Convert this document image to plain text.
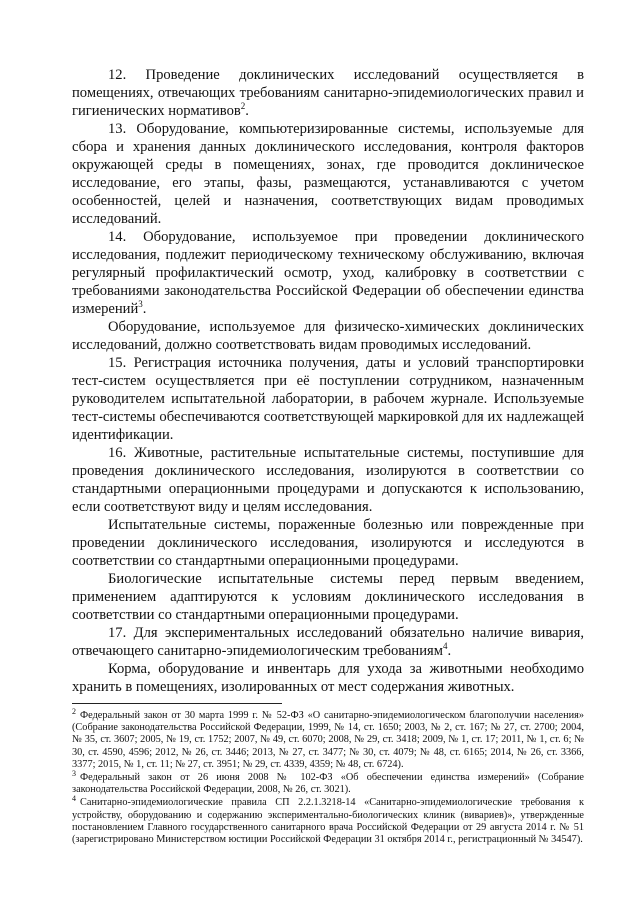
12. Проведение доклинических исследований осуществляется в помещениях, отвечающих требованиям санитарно-эпидемиологических правил и гигиенических нормативов$^2$.

13. Оборудование, компьютеризированные системы, используемые для сбора и хранения данных доклинического исследования, контроля факторов окружающей среды в помещениях, зонах, где проводится доклиническое исследование, его этапы, фазы, размещаются, устанавливаются с учетом особенностей, целей и назначения, соответствующих видам проводимых исследований.

14. Оборудование, используемое при проведении доклинического исследования, подлежит периодическому техническому обслуживанию, включая регулярный профилактический осмотр, уход, калибровку в соответствии с требованиями законодательства Российской Федерации об обеспечении единства измерений$^3$.

Оборудование, используемое для физическо-химических доклинических исследований, должно соответствовать видам проводимых исследований.

15. Регистрация источника получения, даты и условий транспортировки тест-систем осуществляется при её поступлении сотрудником, назначенным руководителем испытательной лаборатории, в рабочем журнале. Используемые тест-системы обеспечиваются соответствующей маркировкой для их надлежащей идентификации.

16. Животные, растительные испытательные системы, поступившие для проведения доклинического исследования, изолируются в соответствии со стандартными операционными процедурами и допускаются к использованию, если соответствуют виду и целям исследования.

Испытательные системы, пораженные болезнью или поврежденные при проведении доклинического исследования, изолируются и исследуются в соответствии со стандартными операционными процедурами.

Биологические испытательные системы перед первым введением, применением адаптируются к условиям доклинического исследования в соответствии со стандартными операционными процедурами.

17. Для экспериментальных исследований обязательно наличие вивария, отвечающего санитарно-эпидемиологическим требованиям$^4$.

Корма, оборудование и инвентарь для ухода за животными необходимо хранить в помещениях, изолированных от мест содержания животных.

$^2$ Федеральный закон от 30 марта 1999 г. № 52-ФЗ «О санитарно-эпидемиологическом благополучии населения» (Собрание законодательства Российской Федерации, 1999, № 14, ст. 1650; 2003, № 2, ст. 167; № 27, ст. 2700; 2004, № 35, ст. 3607; 2005, № 19, ст. 1752; 2007, № 49, ст. 6070; 2008, № 29, ст. 3418; 2009, № 1, ст. 17; 2011, № 1, ст. 6; № 30, ст. 4590, 4596; 2012, № 26, ст. 3446; 2013, № 27, ст. 3477; № 30, ст. 4079; № 48, ст. 6165; 2014, № 26, ст. 3366, 3377; 2015, № 1, ст. 11; № 27, ст. 3951; № 29, ст. 4339, 4359; № 48, ст. 6724).

$^3$ Федеральный закон от 26 июня 2008 № 102-ФЗ «Об обеспечении единства измерений» (Собрание законодательства Российской Федерации, 2008, № 26, ст. 3021).

$^4$ Санитарно-эпидемиологические правила СП 2.2.1.3218-14 «Санитарно-эпидемиологические требования к устройству, оборудованию и содержанию экспериментально-биологических клиник (вивариев)», утвержденные постановлением Главного государственного санитарного врача Российской Федерации от 29 августа 2014 г. № 51 (зарегистрировано Министерством юстиции Российской Федерации 31 октября 2014 г., регистрационный № 34547).
